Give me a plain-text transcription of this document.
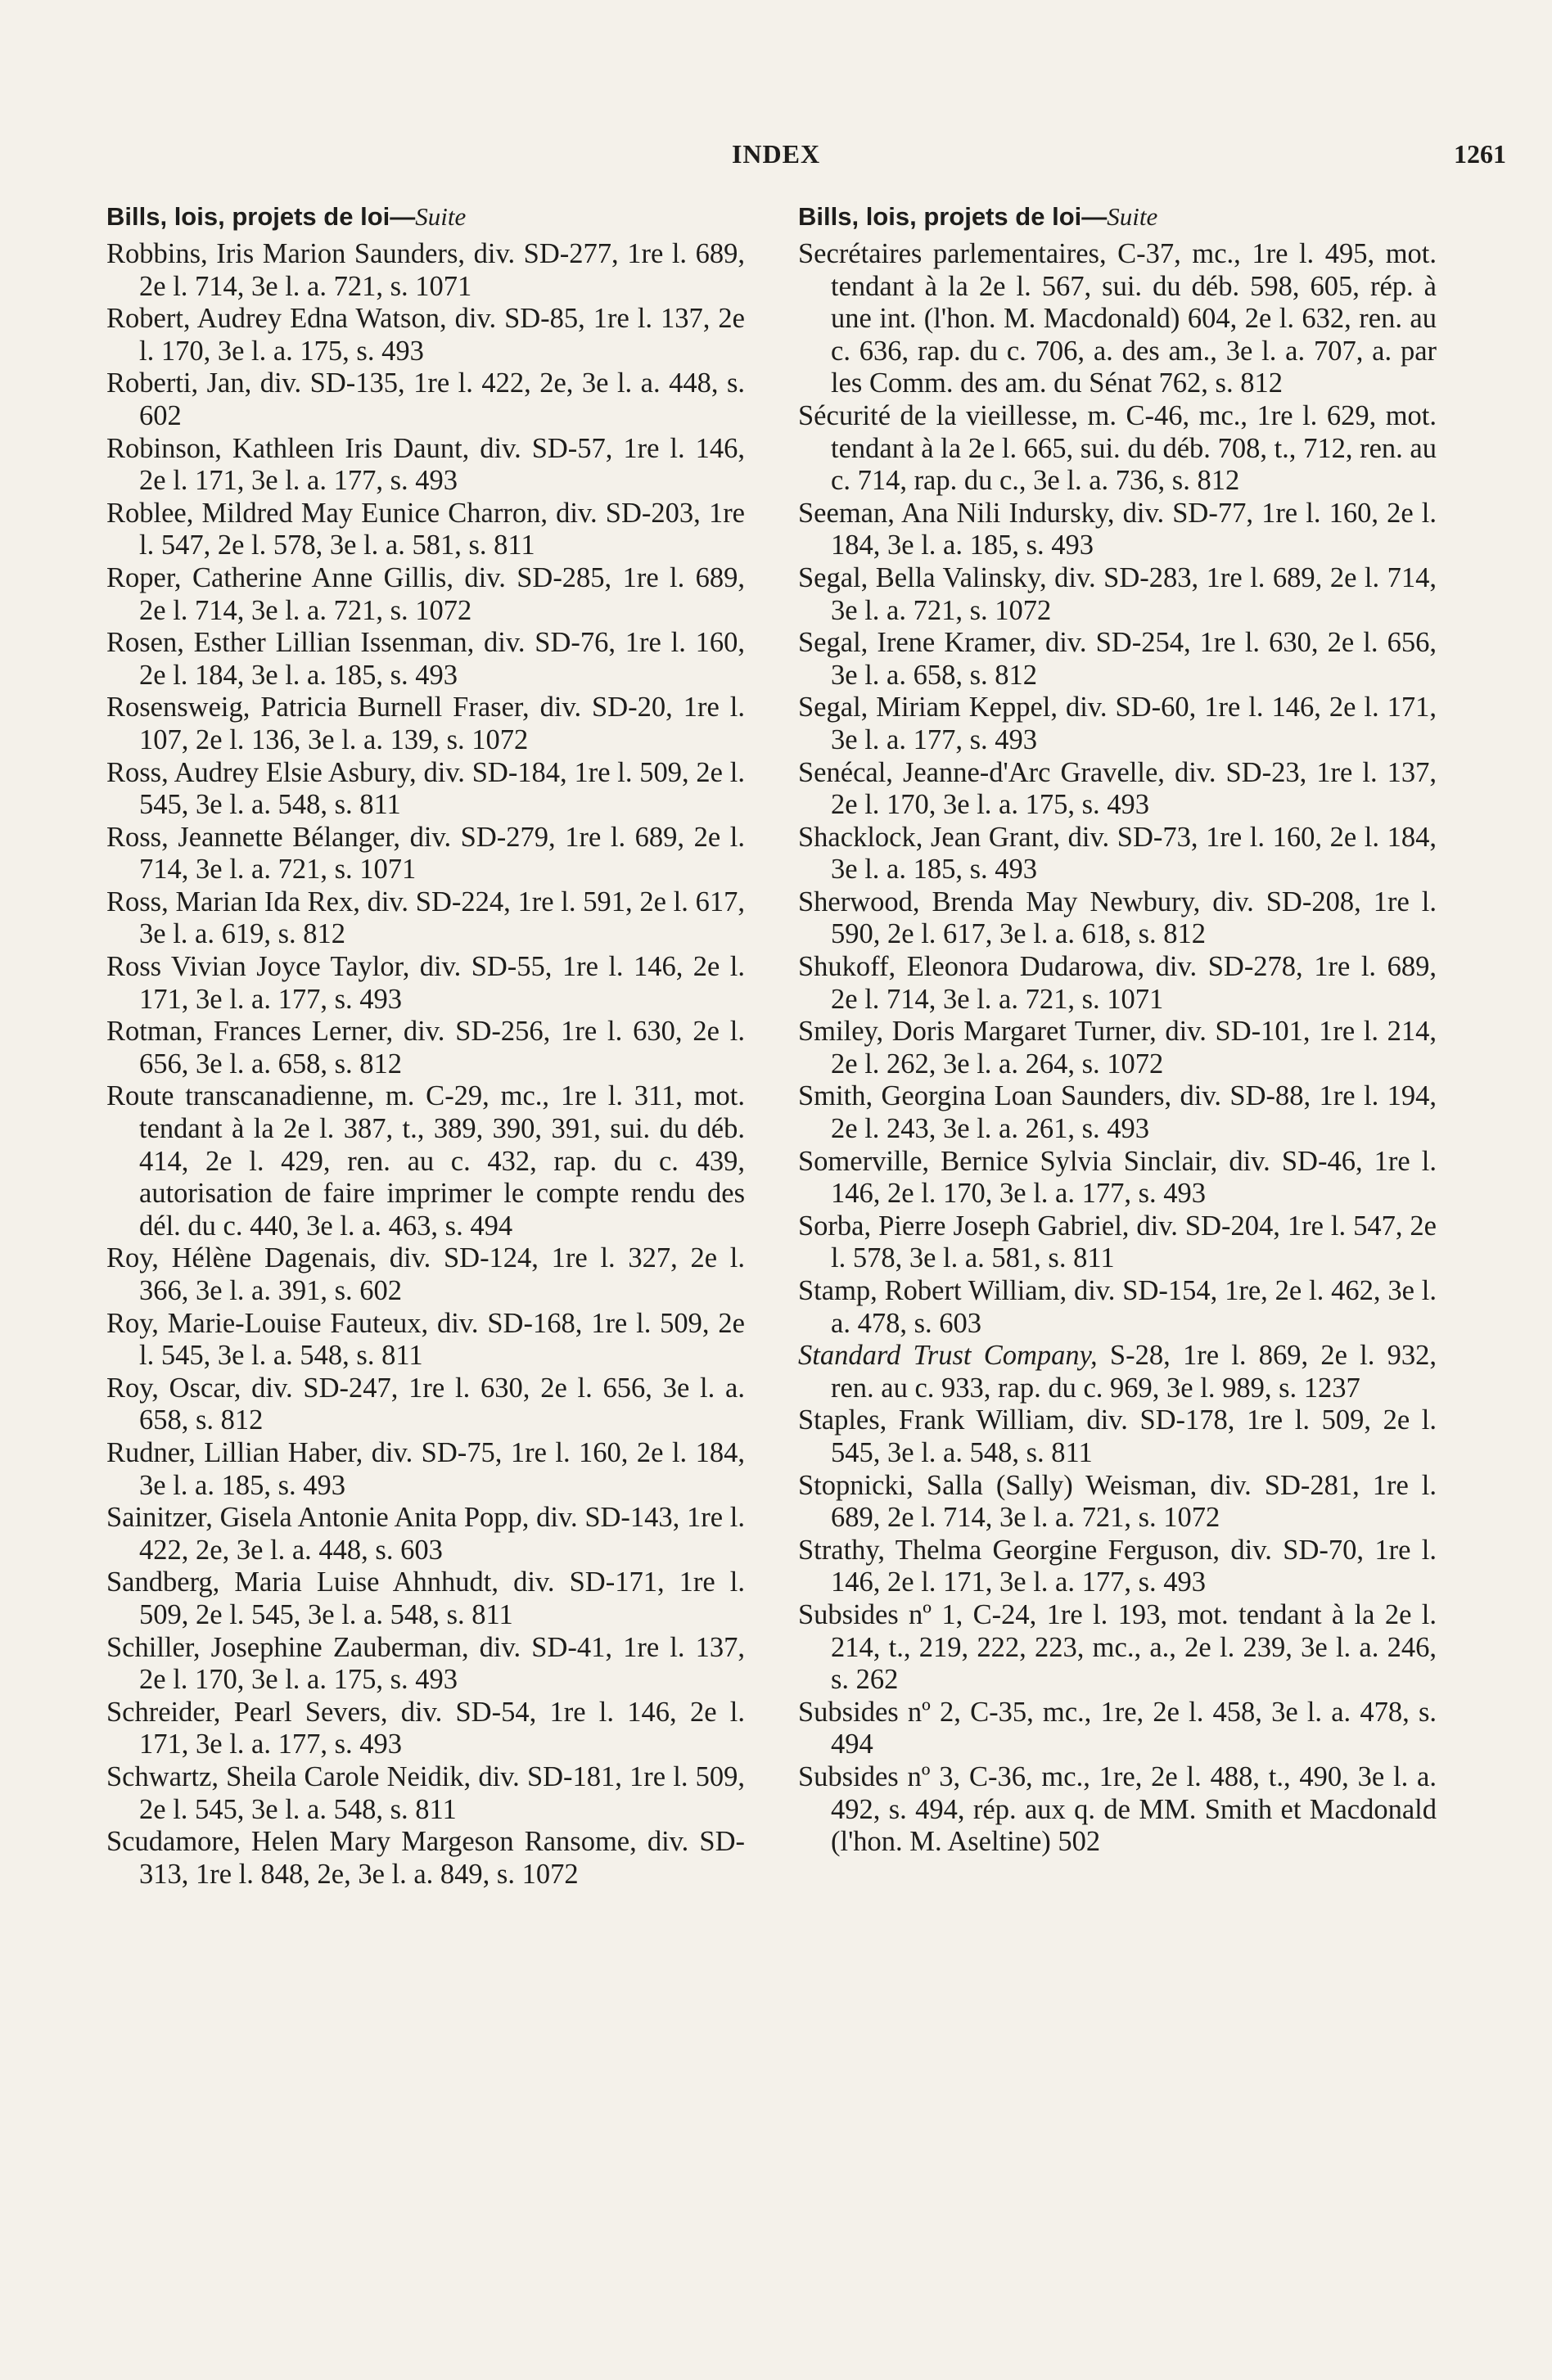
INDEX	1261
Bills, lois, projets de loi—Suite
Robbins, Iris Marion Saunders, div. SD-277, 1re l. 689, 2e l. 714, 3e l. a. 721, s. 1071
Robert, Audrey Edna Watson, div. SD-85, 1re l. 137, 2e l. 170, 3e l. a. 175, s. 493
Roberti, Jan, div. SD-135, 1re l. 422, 2e, 3e l. a. 448, s. 602
Robinson, Kathleen Iris Daunt, div. SD-57, 1re l. 146, 2e l. 171, 3e l. a. 177, s. 493
Roblee, Mildred May Eunice Charron, div. SD-203, 1re l. 547, 2e l. 578, 3e l. a. 581, s. 811
Roper, Catherine Anne Gillis, div. SD-285, 1re l. 689, 2e l. 714, 3e l. a. 721, s. 1072
Rosen, Esther Lillian Issenman, div. SD-76, 1re l. 160, 2e l. 184, 3e l. a. 185, s. 493
Rosensweig, Patricia Burnell Fraser, div. SD-20, 1re l. 107, 2e l. 136, 3e l. a. 139, s. 1072
Ross, Audrey Elsie Asbury, div. SD-184, 1re l. 509, 2e l. 545, 3e l. a. 548, s. 811
Ross, Jeannette Bélanger, div. SD-279, 1re l. 689, 2e l. 714, 3e l. a. 721, s. 1071
Ross, Marian Ida Rex, div. SD-224, 1re l. 591, 2e l. 617, 3e l. a. 619, s. 812
Ross Vivian Joyce Taylor, div. SD-55, 1re l. 146, 2e l. 171, 3e l. a. 177, s. 493
Rotman, Frances Lerner, div. SD-256, 1re l. 630, 2e l. 656, 3e l. a. 658, s. 812
Route transcanadienne, m. C-29, mc., 1re l. 311, mot. tendant à la 2e l. 387, t., 389, 390, 391, sui. du déb. 414, 2e l. 429, ren. au c. 432, rap. du c. 439, autorisation de faire imprimer le compte rendu des dél. du c. 440, 3e l. a. 463, s. 494
Roy, Hélène Dagenais, div. SD-124, 1re l. 327, 2e l. 366, 3e l. a. 391, s. 602
Roy, Marie-Louise Fauteux, div. SD-168, 1re l. 509, 2e l. 545, 3e l. a. 548, s. 811
Roy, Oscar, div. SD-247, 1re l. 630, 2e l. 656, 3e l. a. 658, s. 812
Rudner, Lillian Haber, div. SD-75, 1re l. 160, 2e l. 184, 3e l. a. 185, s. 493
Sainitzer, Gisela Antonie Anita Popp, div. SD-143, 1re l. 422, 2e, 3e l. a. 448, s. 603
Sandberg, Maria Luise Ahnhudt, div. SD-171, 1re l. 509, 2e l. 545, 3e l. a. 548, s. 811
Schiller, Josephine Zauberman, div. SD-41, 1re l. 137, 2e l. 170, 3e l. a. 175, s. 493
Schreider, Pearl Severs, div. SD-54, 1re l. 146, 2e l. 171, 3e l. a. 177, s. 493
Schwartz, Sheila Carole Neidik, div. SD-181, 1re l. 509, 2e l. 545, 3e l. a. 548, s. 811
Scudamore, Helen Mary Margeson Ransome, div. SD-313, 1re l. 848, 2e, 3e l. a. 849, s. 1072
Bills, lois, projets de loi—Suite
Secrétaires parlementaires, C-37, mc., 1re l. 495, mot. tendant à la 2e l. 567, sui. du déb. 598, 605, rép. à une int. (l'hon. M. Macdonald) 604, 2e l. 632, ren. au c. 636, rap. du c. 706, a. des am., 3e l. a. 707, a. par les Comm. des am. du Sénat 762, s. 812
Sécurité de la vieillesse, m. C-46, mc., 1re l. 629, mot. tendant à la 2e l. 665, sui. du déb. 708, t., 712, ren. au c. 714, rap. du c., 3e l. a. 736, s. 812
Seeman, Ana Nili Indursky, div. SD-77, 1re l. 160, 2e l. 184, 3e l. a. 185, s. 493
Segal, Bella Valinsky, div. SD-283, 1re l. 689, 2e l. 714, 3e l. a. 721, s. 1072
Segal, Irene Kramer, div. SD-254, 1re l. 630, 2e l. 656, 3e l. a. 658, s. 812
Segal, Miriam Keppel, div. SD-60, 1re l. 146, 2e l. 171, 3e l. a. 177, s. 493
Senécal, Jeanne-d'Arc Gravelle, div. SD-23, 1re l. 137, 2e l. 170, 3e l. a. 175, s. 493
Shacklock, Jean Grant, div. SD-73, 1re l. 160, 2e l. 184, 3e l. a. 185, s. 493
Sherwood, Brenda May Newbury, div. SD-208, 1re l. 590, 2e l. 617, 3e l. a. 618, s. 812
Shukoff, Eleonora Dudarowa, div. SD-278, 1re l. 689, 2e l. 714, 3e l. a. 721, s. 1071
Smiley, Doris Margaret Turner, div. SD-101, 1re l. 214, 2e l. 262, 3e l. a. 264, s. 1072
Smith, Georgina Loan Saunders, div. SD-88, 1re l. 194, 2e l. 243, 3e l. a. 261, s. 493
Somerville, Bernice Sylvia Sinclair, div. SD-46, 1re l. 146, 2e l. 170, 3e l. a. 177, s. 493
Sorba, Pierre Joseph Gabriel, div. SD-204, 1re l. 547, 2e l. 578, 3e l. a. 581, s. 811
Stamp, Robert William, div. SD-154, 1re, 2e l. 462, 3e l. a. 478, s. 603
Standard Trust Company, S-28, 1re l. 869, 2e l. 932, ren. au c. 933, rap. du c. 969, 3e l. 989, s. 1237
Staples, Frank William, div. SD-178, 1re l. 509, 2e l. 545, 3e l. a. 548, s. 811
Stopnicki, Salla (Sally) Weisman, div. SD-281, 1re l. 689, 2e l. 714, 3e l. a. 721, s. 1072
Strathy, Thelma Georgine Ferguson, div. SD-70, 1re l. 146, 2e l. 171, 3e l. a. 177, s. 493
Subsides nº 1, C-24, 1re l. 193, mot. tendant à la 2e l. 214, t., 219, 222, 223, mc., a., 2e l. 239, 3e l. a. 246, s. 262
Subsides nº 2, C-35, mc., 1re, 2e l. 458, 3e l. a. 478, s. 494
Subsides nº 3, C-36, mc., 1re, 2e l. 488, t., 490, 3e l. a. 492, s. 494, rép. aux q. de MM. Smith et Macdonald (l'hon. M. Aseltine) 502
